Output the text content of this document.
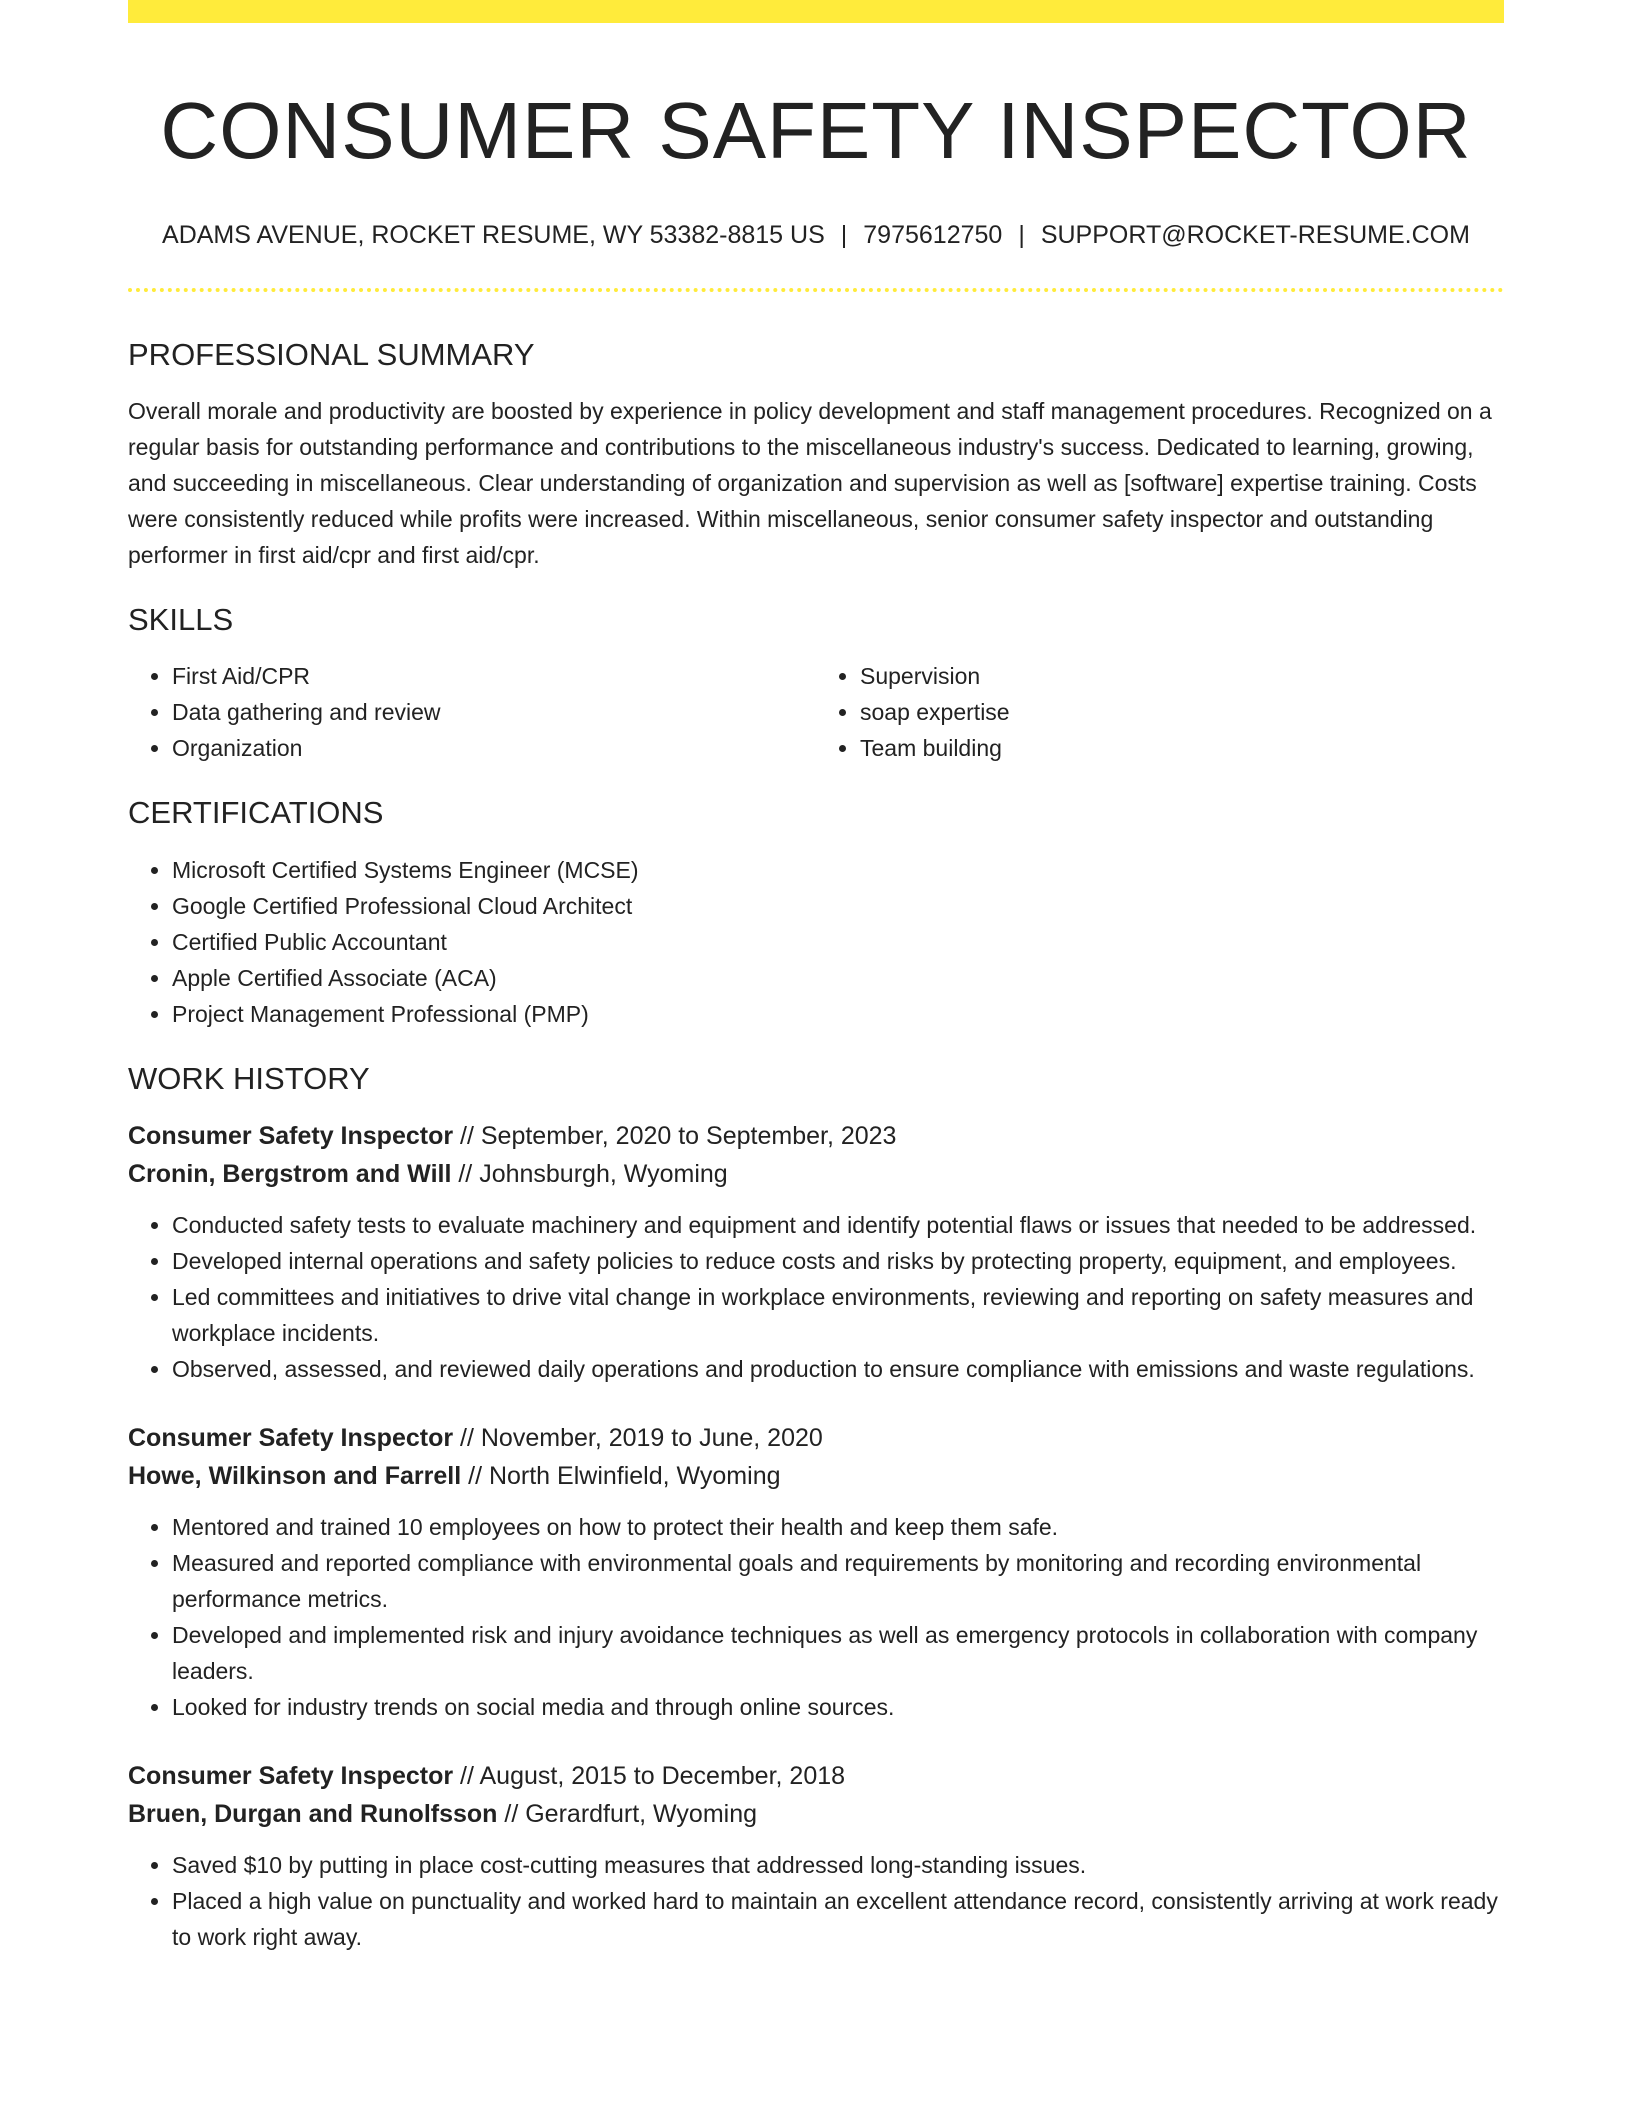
CONSUMER SAFETY INSPECTOR
ADAMS AVENUE, ROCKET RESUME, WY 53382-8815 US | 7975612750 | SUPPORT@ROCKET-RESUME.COM
PROFESSIONAL SUMMARY

Overall morale and productivity are boosted by experience in policy development and staff management procedures. Recognized on a regular basis for outstanding performance and contributions to the miscellaneous industry's success. Dedicated to learning, growing, and succeeding in miscellaneous. Clear understanding of organization and supervision as well as [software] expertise training. Costs were consistently reduced while profits were increased. Within miscellaneous, senior consumer safety inspector and outstanding performer in first aid/cpr and first aid/cpr.

SKILLS
• First Aid/CPR
• Data gathering and review
• Organization
• Supervision
• soap expertise
• Team building
CERTIFICATIONS
• Microsoft Certified Systems Engineer (MCSE)
• Google Certified Professional Cloud Architect
• Certified Public Accountant
• Apple Certified Associate (ACA)
• Project Management Professional (PMP)
WORK HISTORY
Consumer Safety Inspector // September, 2020 to September, 2023
Cronin, Bergstrom and Will // Johnsburgh, Wyoming
• Conducted safety tests to evaluate machinery and equipment and identify potential flaws or issues that needed to be addressed.
• Developed internal operations and safety policies to reduce costs and risks by protecting property, equipment, and employees.
• Led committees and initiatives to drive vital change in workplace environments, reviewing and reporting on safety measures and workplace incidents.
• Observed, assessed, and reviewed daily operations and production to ensure compliance with emissions and waste regulations.
Consumer Safety Inspector // November, 2019 to June, 2020
Howe, Wilkinson and Farrell // North Elwinfield, Wyoming
• Mentored and trained 10 employees on how to protect their health and keep them safe.
• Measured and reported compliance with environmental goals and requirements by monitoring and recording environmental performance metrics.
• Developed and implemented risk and injury avoidance techniques as well as emergency protocols in collaboration with company leaders.
• Looked for industry trends on social media and through online sources.
Consumer Safety Inspector // August, 2015 to December, 2018
Bruen, Durgan and Runolfsson // Gerardfurt, Wyoming
• Saved $10 by putting in place cost-cutting measures that addressed long-standing issues.
• Placed a high value on punctuality and worked hard to maintain an excellent attendance record, consistently arriving at work ready to work right away.
